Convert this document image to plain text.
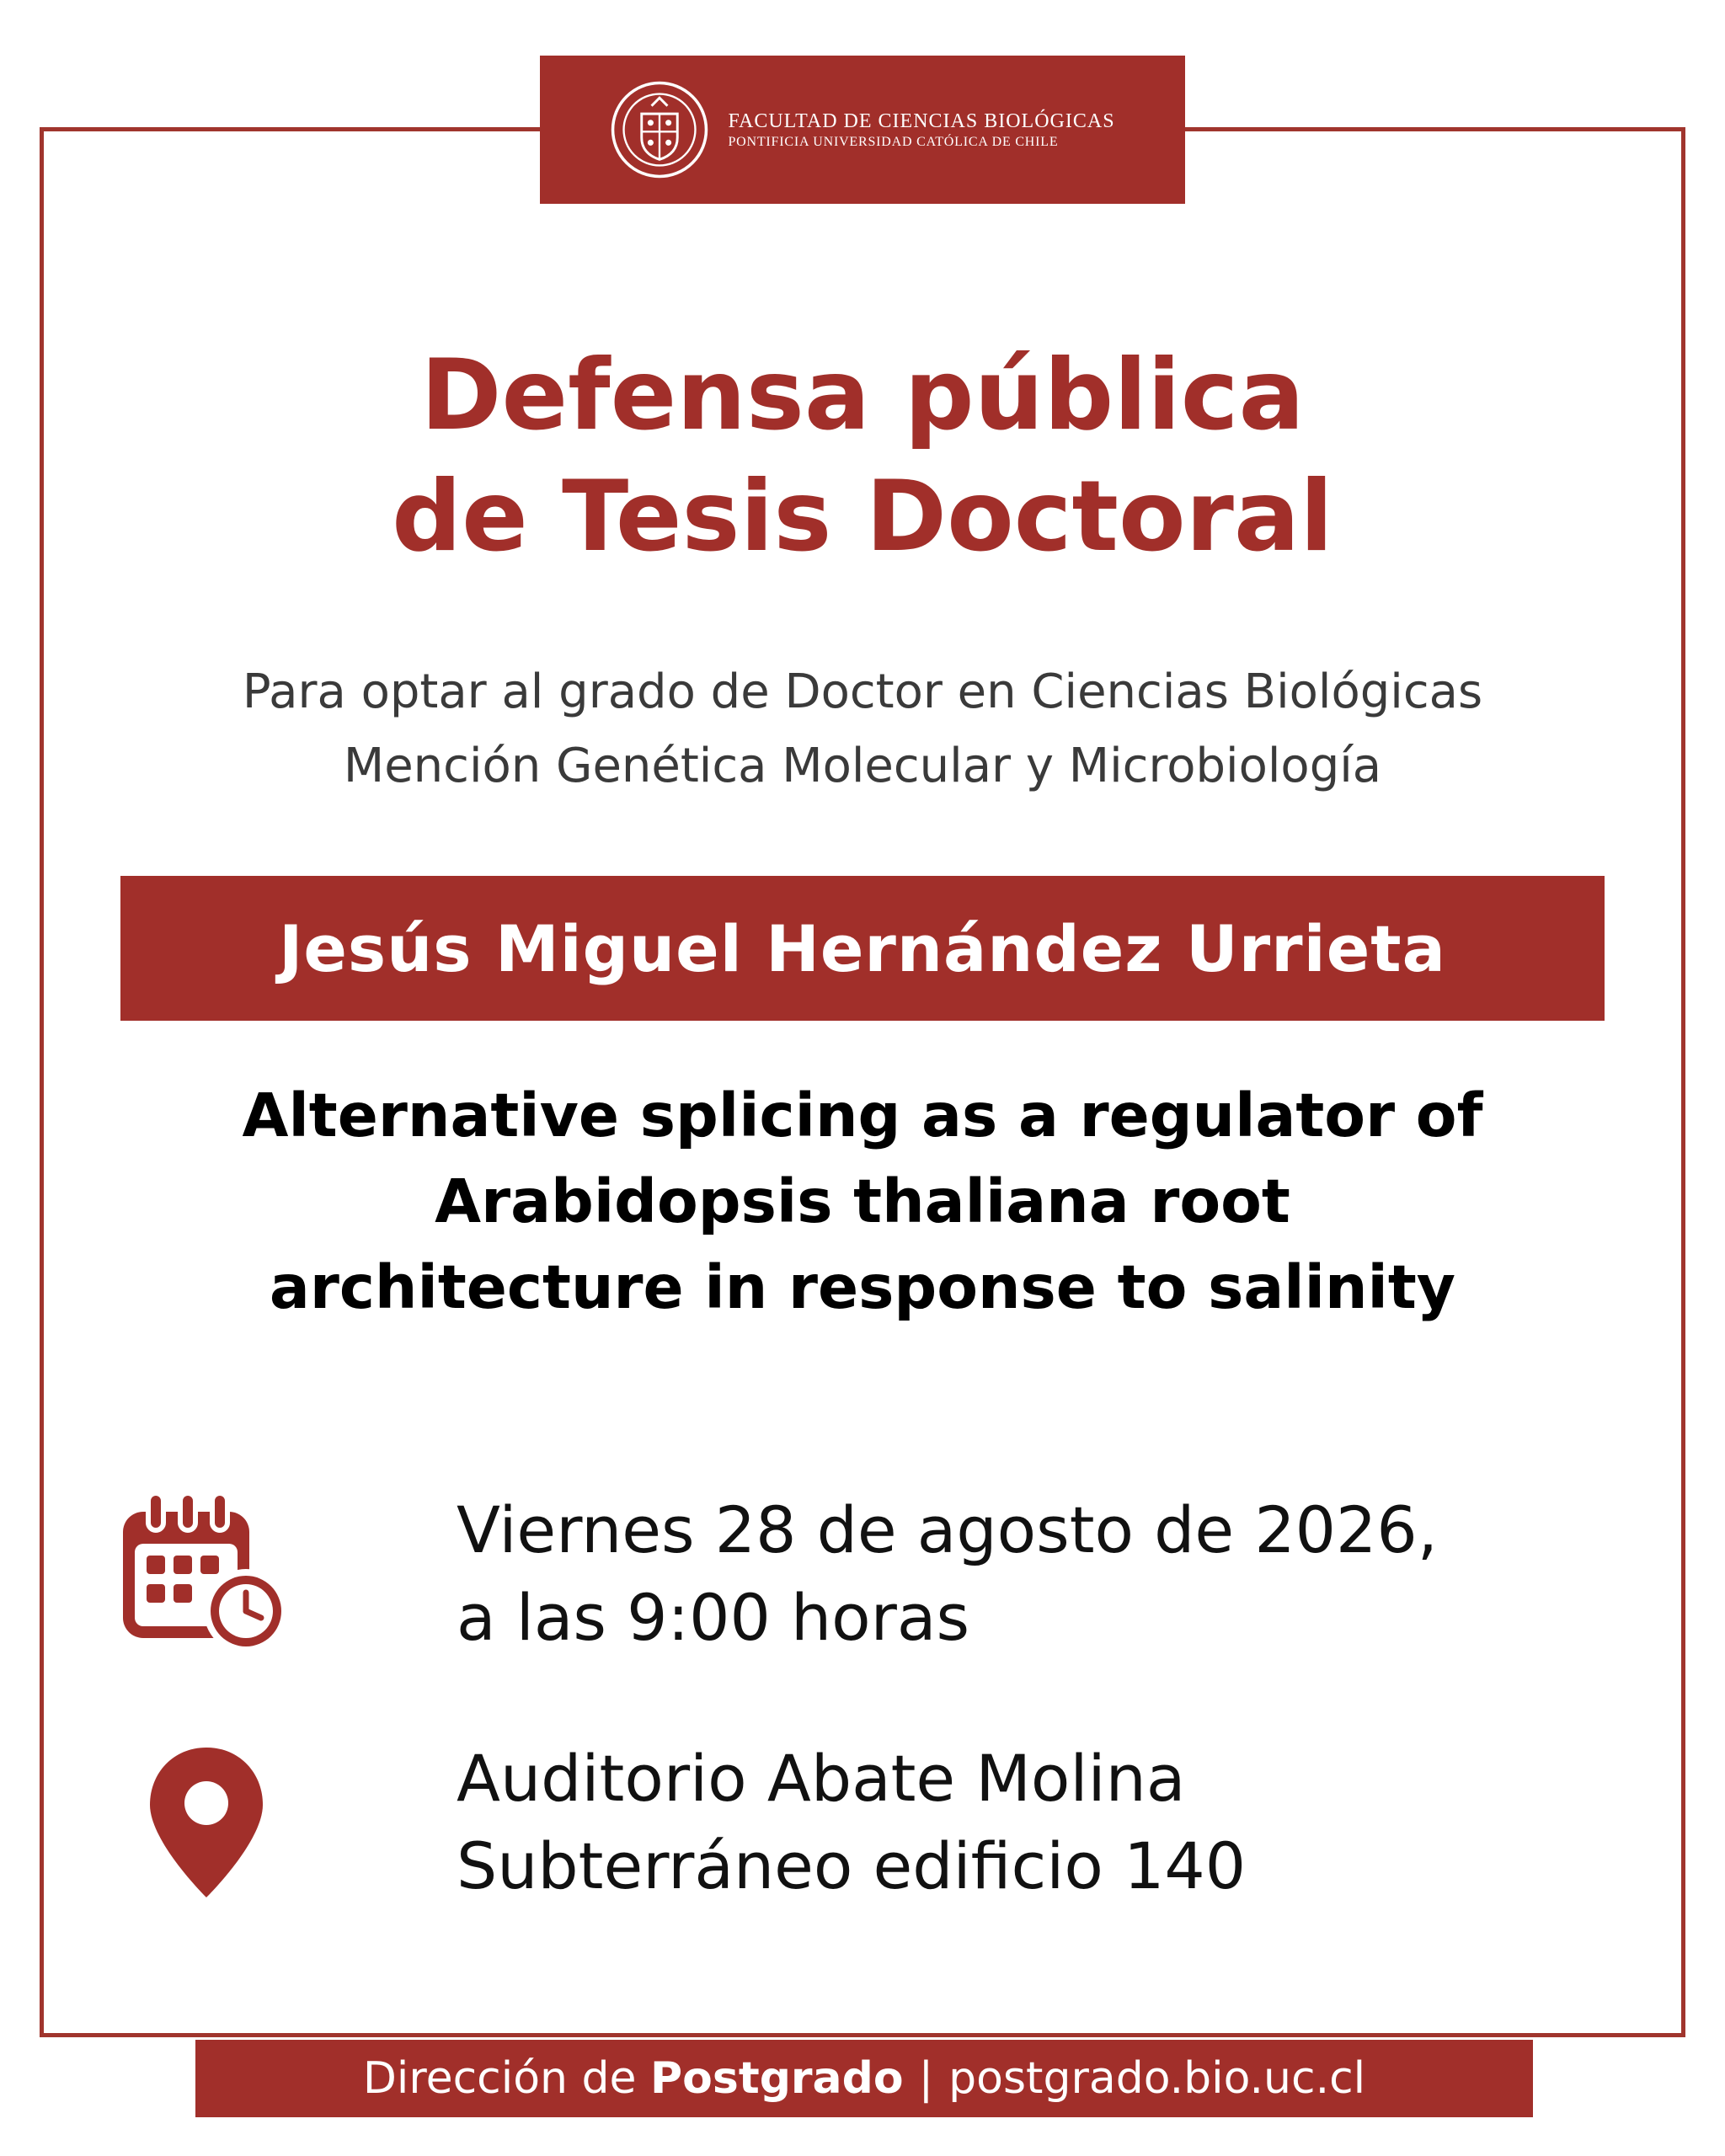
FACULTAD DE CIENCIAS BIOLÓGICAS
PONTIFICIA UNIVERSIDAD CATÓLICA DE CHILE
Defensa pública
de Tesis Doctoral
Para optar al grado de Doctor en Ciencias Biológicas
Mención Genética Molecular y Microbiología
Jesús Miguel Hernández Urrieta
Alternative splicing as a regulator of
Arabidopsis thaliana root
architecture in response to salinity
Viernes 28 de agosto de 2026,
a las 9:00 horas
Auditorio Abate Molina
Subterráneo edificio 140
Dirección de Postgrado | postgrado.bio.uc.cl
